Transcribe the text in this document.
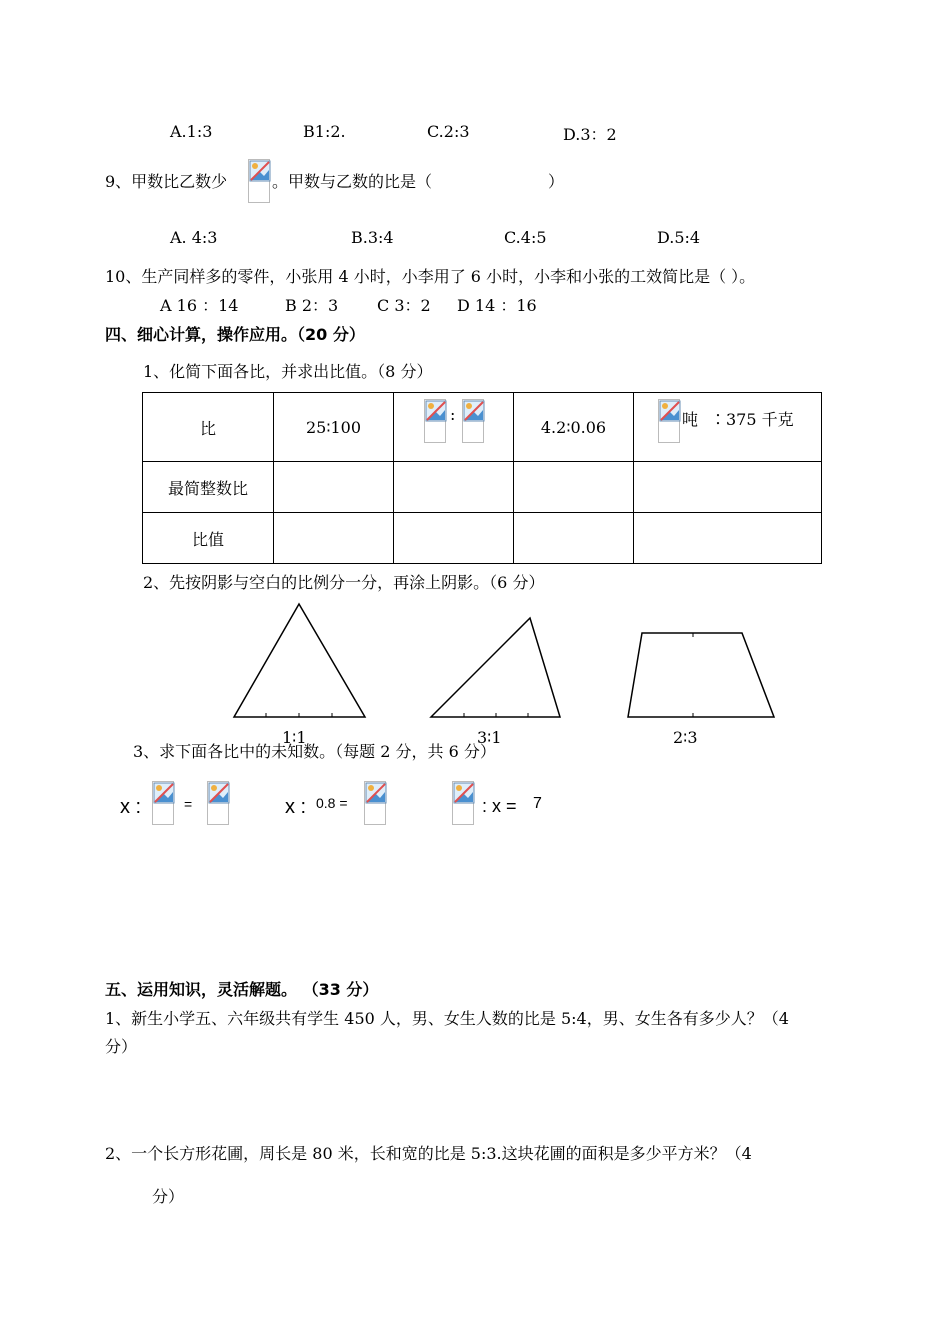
A.1:3	B1:2.	C.2:3	D.3：2
9、甲数比乙数少	。甲数与乙数的比是（	）
A. 4:3	B.3:4	C.4:5	D.5:4
10、生产同样多的零件，小张用 4 小时，小李用了 6 小时，小李和小张的工效简比是（ ）。
A 16 ：14	B 2：3 C 3：2 D 14 ：16
四、细心计算，操作应用。（20 分）
1、化简下面各比，并求出比值。（8 分）
比	25∶100	:	4.2∶0.06	吨 ∶375 千克

最简整数比				
比值				
2、先按阴影与空白的比例分一分，再涂上阴影。（6 分）
1∶1	3∶1	2∶3
3、求下面各比中的未知数。（每题 2 分，共 6 分）
x :	=	x : 0.8 =	: x = 7
五、运用知识，灵活解题。 （33 分）
1、新生小学五、六年级共有学生 450 人，男、女生人数的比是 5:4，男、女生各有多少人？（4
分）
2、一个长方形花圃，周长是 80 米，长和宽的比是 5:3.这块花圃的面积是多少平方米？（4
分）
